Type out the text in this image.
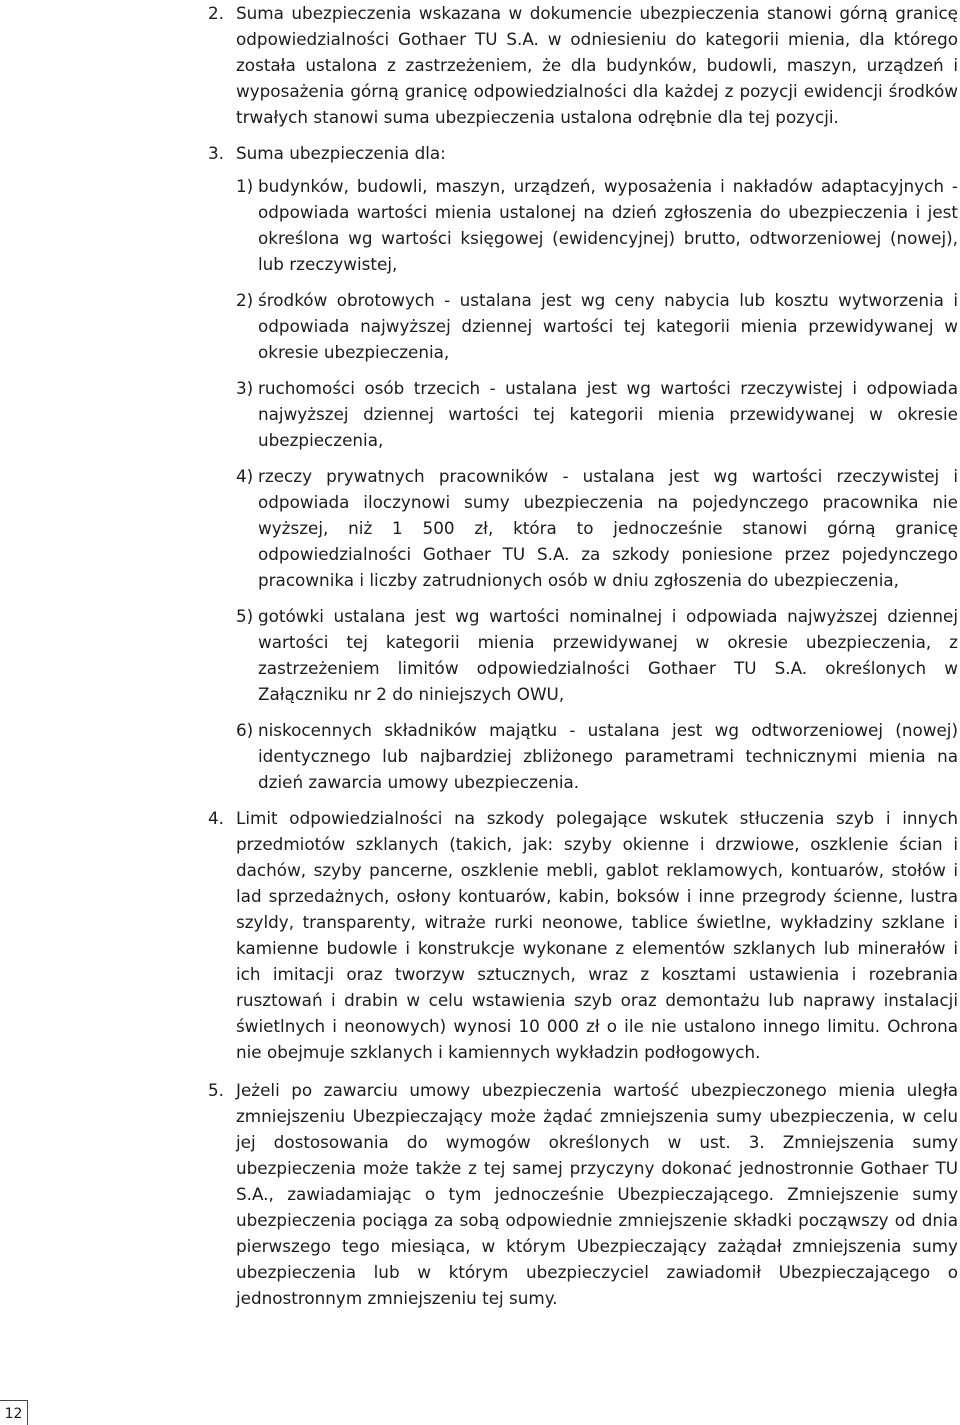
2. Suma ubezpieczenia wskazana w dokumencie ubezpieczenia stanowi górną granicę odpowiedzialności Gothaer TU S.A. w odniesieniu do kategorii mienia, dla którego została ustalona z zastrzeżeniem, że dla budynków, budowli, maszyn, urządzeń i wyposażenia górną granicę odpowiedzialności dla każdej z pozycji ewidencji środków trwałych stanowi suma ubezpieczenia ustalona odrębnie dla tej pozycji.

3. Suma ubezpieczenia dla:

1) budynków, budowli, maszyn, urządzeń, wyposażenia i nakładów adaptacyjnych - odpowiada wartości mienia ustalonej na dzień zgłoszenia do ubezpieczenia i jest określona wg wartości księgowej (ewidencyjnej) brutto, odtworzeniowej (nowej), lub rzeczywistej,

2) środków obrotowych - ustalana jest wg ceny nabycia lub kosztu wytworzenia i odpowiada najwyższej dziennej wartości tej kategorii mienia przewidywanej w okresie ubezpieczenia,

3) ruchomości osób trzecich - ustalana jest wg wartości rzeczywistej i odpowiada najwyższej dziennej wartości tej kategorii mienia przewidywanej w okresie ubezpieczenia,

4) rzeczy prywatnych pracowników - ustalana jest wg wartości rzeczywistej i odpowiada iloczynowi sumy ubezpieczenia na pojedynczego pracownika nie wyższej, niż 1 500 zł, która to jednocześnie stanowi górną granicę odpowiedzialności Gothaer TU S.A. za szkody poniesione przez pojedynczego pracownika i liczby zatrudnionych osób w dniu zgłoszenia do ubezpieczenia,

5) gotówki ustalana jest wg wartości nominalnej i odpowiada najwyższej dziennej wartości tej kategorii mienia przewidywanej w okresie ubezpieczenia, z zastrzeżeniem limitów odpowiedzialności Gothaer TU S.A. określonych w Załączniku nr 2 do niniejszych OWU,

6) niskocennych składników majątku - ustalana jest wg odtworzeniowej (nowej) identycznego lub najbardziej zbliżonego parametrami technicznymi mienia na dzień zawarcia umowy ubezpieczenia.

4. Limit odpowiedzialności na szkody polegające wskutek stłuczenia szyb i innych przedmiotów szklanych (takich, jak: szyby okienne i drzwiowe, oszklenie ścian i dachów, szyby pancerne, oszklenie mebli, gablot reklamowych, kontuarów, stołów i lad sprzedażnych, osłony kontuarów, kabin, boksów i inne przegrody ścienne, lustra szyldy, transparenty, witraże rurki neonowe, tablice świetlne, wykładziny szklane i kamienne budowle i konstrukcje wykonane z elementów szklanych lub minerałów i ich imitacji oraz tworzyw sztucznych, wraz z kosztami ustawienia i rozebrania rusztowań i drabin w celu wstawienia szyb oraz demontażu lub naprawy instalacji świetlnych i neonowych) wynosi 10 000 zł o ile nie ustalono innego limitu. Ochrona nie obejmuje szklanych i kamiennych wykładzin podłogowych.

5. Jeżeli po zawarciu umowy ubezpieczenia wartość ubezpieczonego mienia uległa zmniejszeniu Ubezpieczający może żądać zmniejszenia sumy ubezpieczenia, w celu jej dostosowania do wymogów określonych w ust. 3. Zmniejszenia sumy ubezpieczenia może także z tej samej przyczyny dokonać jednostronnie Gothaer TU S.A., zawiadamiając o tym jednocześnie Ubezpieczającego. Zmniejszenie sumy ubezpieczenia pociąga za sobą odpowiednie zmniejszenie składki począwszy od dnia pierwszego tego miesiąca, w którym Ubezpieczający zażądał zmniejszenia sumy ubezpieczenia lub w którym ubezpieczyciel zawiadomił Ubezpieczającego o jednostronnym zmniejszeniu tej sumy.

12
